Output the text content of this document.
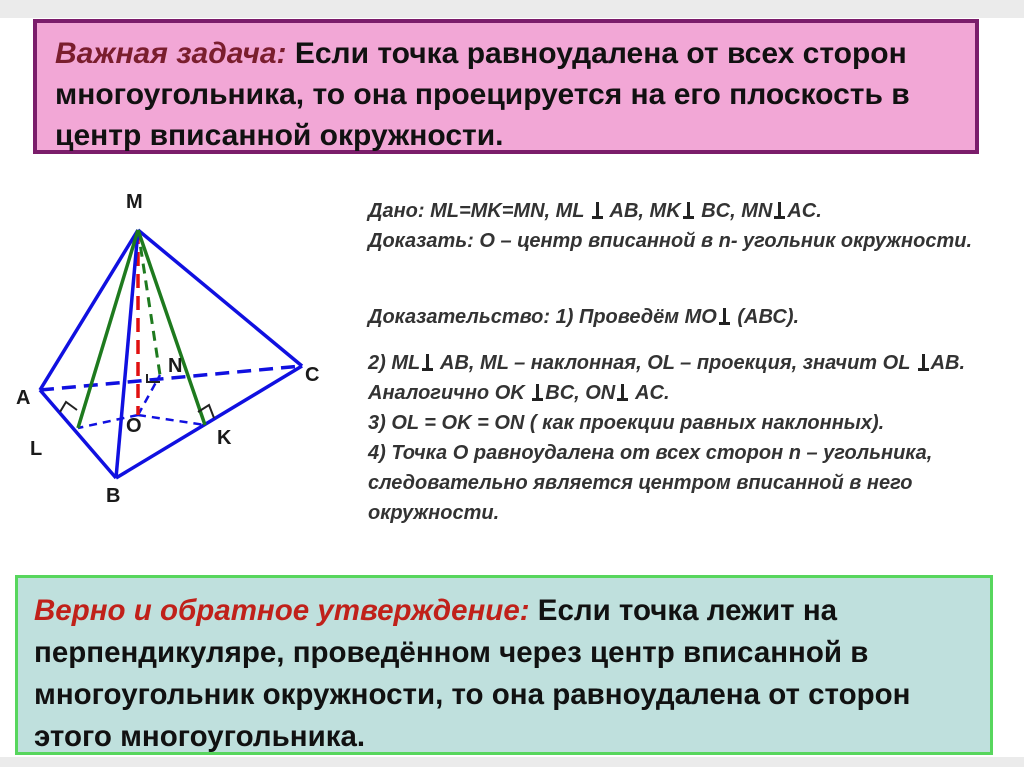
Важная задача: Если точка равноудалена от всех сторон многоугольника, то она проецируется на его плоскость в центр вписанной окружности.
M
A
L
B
O
K
N	C

Дано: ML=MK=MN, ML  AB, MK BC, MN AC.

Доказать: О – центр вписанной в n- угольник окружности.

Доказательство: 1) Проведём МО (АВС).

2) ML AB, ML – наклонная, OL – проекция, значит OL AB. Аналогично OK BC, ON AC.

3) OL = OK = ON ( как проекции равных наклонных).

4) Точка О равноудалена от всех сторон n – угольника, следовательно является центром вписанной в него окружности.

Верно и обратное утверждение: Если точка лежит на перпендикуляре, проведённом через центр вписанной в многоугольник окружности, то она равноудалена от сторон этого многоугольника.
